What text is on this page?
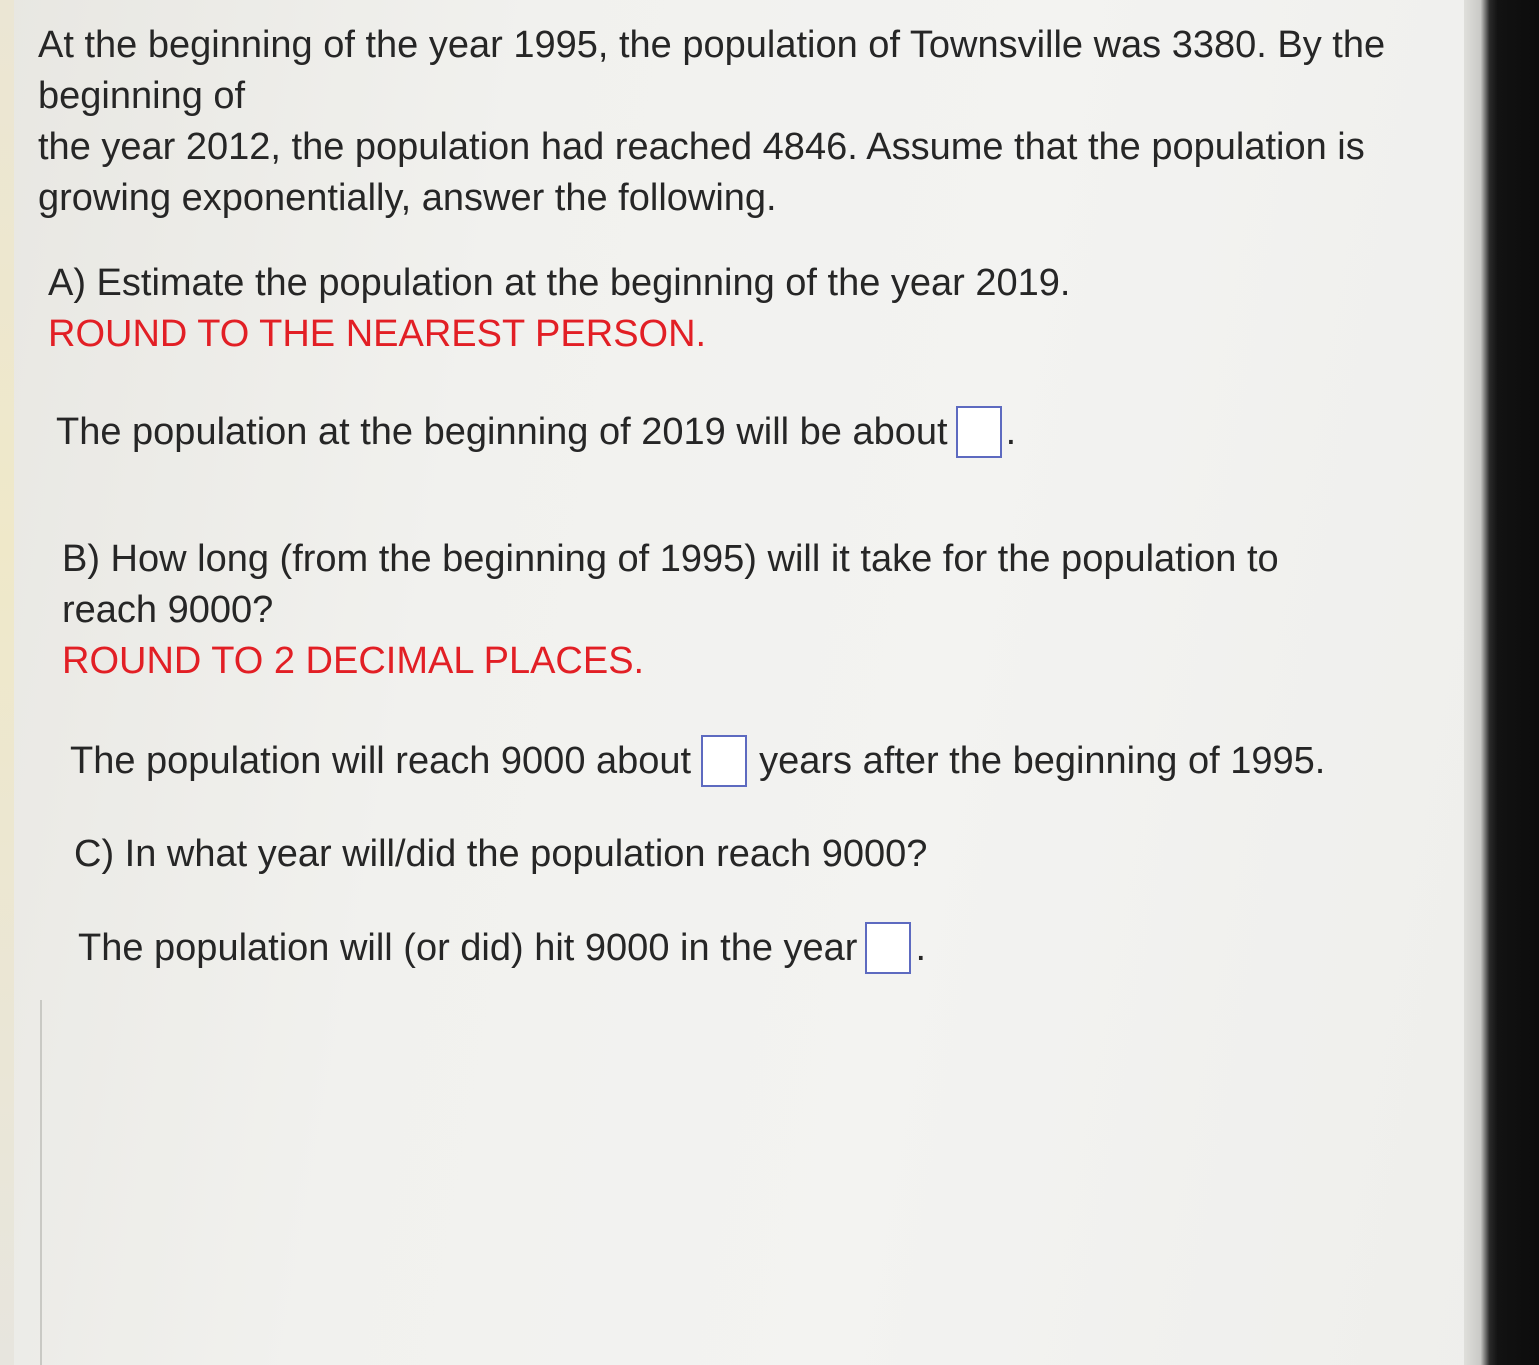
At the beginning of the year 1995, the population of Townsville was 3380. By the

beginning of

the year 2012, the population had reached 4846. Assume that the population is

growing exponentially, answer the following.

A) Estimate the population at the beginning of the year 2019.

ROUND TO THE NEAREST PERSON.

The population at the beginning of 2019 will be about .

B) How long (from the beginning of 1995) will it take for the population to

reach 9000?

ROUND TO 2 DECIMAL PLACES.

The population will reach 9000 about years after the beginning of 1995.

C) In what year will/did the population reach 9000?

The population will (or did) hit 9000 in the year .
